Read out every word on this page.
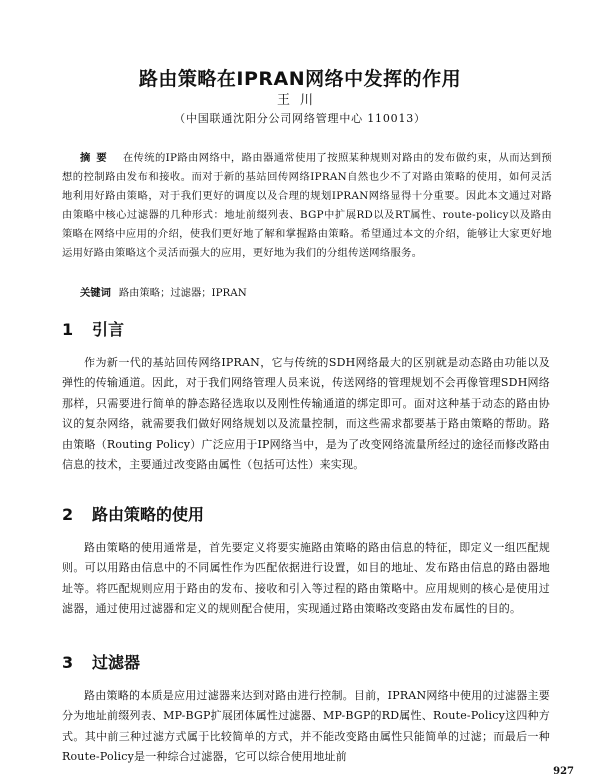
路由策略在IPRAN网络中发挥的作用
王川
（中国联通沈阳分公司网络管理中心 110013）
摘要 在传统的IP路由网络中，路由器通常使用了按照某种规则对路由的发布做约束，从而达到预想的控制路由发布和接收。而对于新的基站回传网络IPRAN自然也少不了对路由策略的使用，如何灵活地利用好路由策略，对于我们更好的调度以及合理的规划IPRAN网络显得十分重要。因此本文通过对路由策略中核心过滤器的几种形式：地址前缀列表、BGP中扩展RD以及RT属性、route-policy以及路由策略在网络中应用的介绍，使我们更好地了解和掌握路由策略。希望通过本文的介绍，能够让大家更好地运用好路由策略这个灵活而强大的应用，更好地为我们的分组传送网络服务。
关键词 路由策略；过滤器；IPRAN
1 引言
作为新一代的基站回传网络IPRAN，它与传统的SDH网络最大的区别就是动态路由功能以及弹性的传输通道。因此，对于我们网络管理人员来说，传送网络的管理规划不会再像管理SDH网络那样，只需要进行简单的静态路径选取以及刚性传输通道的绑定即可。面对这种基于动态的路由协议的复杂网络，就需要我们做好网络规划以及流量控制，而这些需求都要基于路由策略的帮助。路由策略（Routing Policy）广泛应用于IP网络当中，是为了改变网络流量所经过的途径而修改路由信息的技术，主要通过改变路由属性（包括可达性）来实现。
2 路由策略的使用
路由策略的使用通常是，首先要定义将要实施路由策略的路由信息的特征，即定义一组匹配规则。可以用路由信息中的不同属性作为匹配依据进行设置，如目的地址、发布路由信息的路由器地址等。将匹配规则应用于路由的发布、接收和引入等过程的路由策略中。应用规则的核心是使用过滤器，通过使用过滤器和定义的规则配合使用，实现通过路由策略改变路由发布属性的目的。
3 过滤器
路由策略的本质是应用过滤器来达到对路由进行控制。目前，IPRAN网络中使用的过滤器主要分为地址前缀列表、MP-BGP扩展团体属性过滤器、MP-BGP的RD属性、Route-Policy这四种方式。其中前三种过滤方式属于比较简单的方式，并不能改变路由属性只能简单的过滤；而最后一种Route-Policy是一种综合过滤器，它可以综合使用地址前
927
